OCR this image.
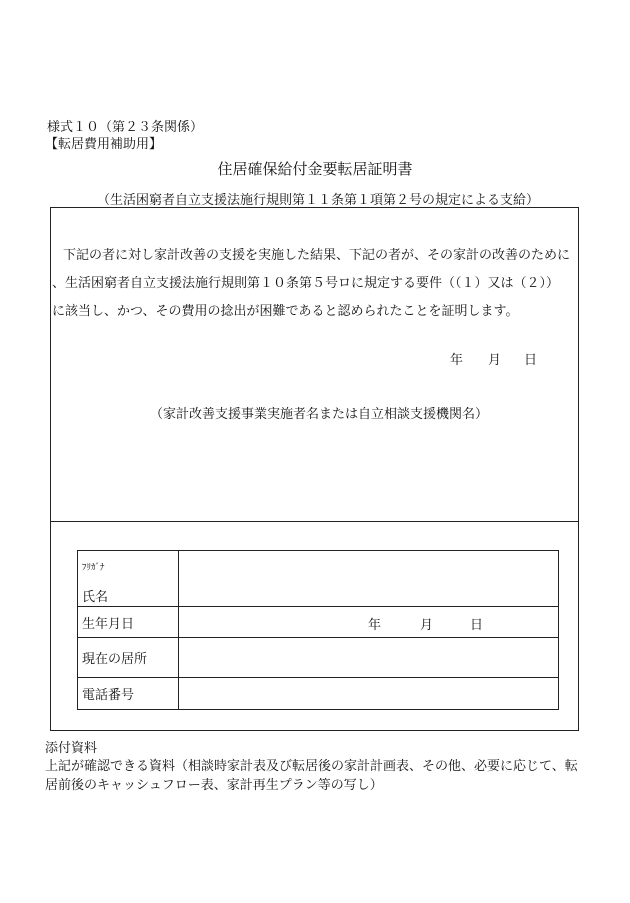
様式１０（第２３条関係）
【転居費用補助用】
住居確保給付金要転居証明書
（生活困窮者自立支援法施行規則第１１条第１項第２号の規定による支給）
下記の者に対し家計改善の支援を実施した結果、下記の者が、その家計の改善のために
、生活困窮者自立支援法施行規則第１０条第５号ロに規定する要件（（１）又は（２））
に該当し、かつ、その費用の捻出が困難であると認められたことを証明します。
年 月 日
（家計改善支援事業実施者名または自立相談支援機関名）
ﾌﾘｶﾞﾅ
氏名	

生年月日	年 月 日

現在の居所	
電話番号	
添付資料
上記が確認できる資料（相談時家計表及び転居後の家計計画表、その他、必要に応じて、転
居前後のキャッシュフロー表、家計再生プラン等の写し）
